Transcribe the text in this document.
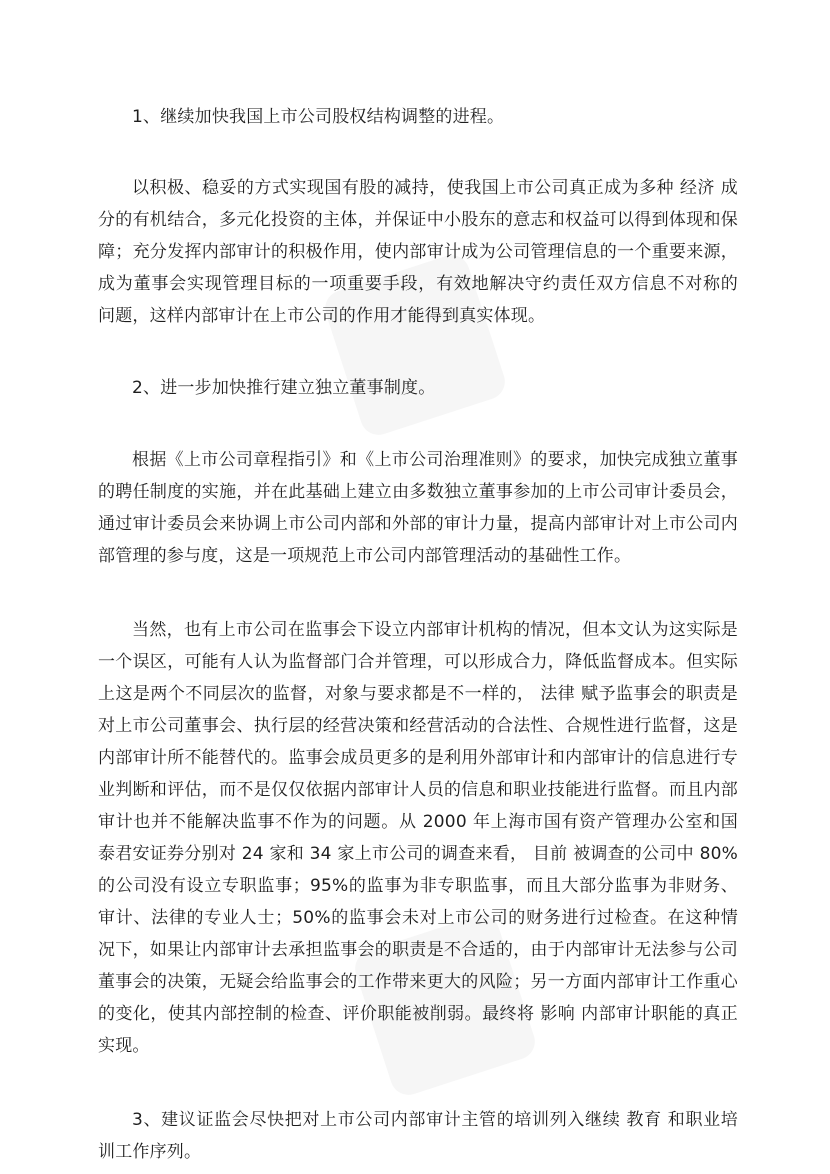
1、继续加快我国上市公司股权结构调整的进程。

以积极、稳妥的方式实现国有股的减持，使我国上市公司真正成为多种 经济 成分的有机结合，多元化投资的主体，并保证中小股东的意志和权益可以得到体现和保障；充分发挥内部审计的积极作用，使内部审计成为公司管理信息的一个重要来源，成为董事会实现管理目标的一项重要手段，有效地解决守约责任双方信息不对称的 问题，这样内部审计在上市公司的作用才能得到真实体现。

2、进一步加快推行建立独立董事制度。

根据《上市公司章程指引》和《上市公司治理准则》的要求，加快完成独立董事的聘任制度的实施，并在此基础上建立由多数独立董事参加的上市公司审计委员会，通过审计委员会来协调上市公司内部和外部的审计力量，提高内部审计对上市公司内部管理的参与度，这是一项规范上市公司内部管理活动的基础性工作。

当然，也有上市公司在监事会下设立内部审计机构的情况，但本文认为这实际是一个误区，可能有人认为监督部门合并管理，可以形成合力，降低监督成本。但实际上这是两个不同层次的监督，对象与要求都是不一样的， 法律 赋予监事会的职责是对上市公司董事会、执行层的经营决策和经营活动的合法性、合规性进行监督，这是内部审计所不能替代的。监事会成员更多的是利用外部审计和内部审计的信息进行专业判断和评估，而不是仅仅依据内部审计人员的信息和职业技能进行监督。而且内部审计也并不能解决监事不作为的问题。从 2000 年上海市国有资产管理办公室和国泰君安证券分别对 24 家和 34 家上市公司的调查来看， 目前 被调查的公司中 80%的公司没有设立专职监事；95%的监事为非专职监事，而且大部分监事为非财务、审计、法律的专业人士；50%的监事会未对上市公司的财务进行过检查。在这种情况下，如果让内部审计去承担监事会的职责是不合适的，由于内部审计无法参与公司董事会的决策，无疑会给监事会的工作带来更大的风险；另一方面内部审计工作重心的变化，使其内部控制的检查、评价职能被削弱。最终将 影响 内部审计职能的真正实现。

3、建议证监会尽快把对上市公司内部审计主管的培训列入继续 教育 和职业培训工作序列。
